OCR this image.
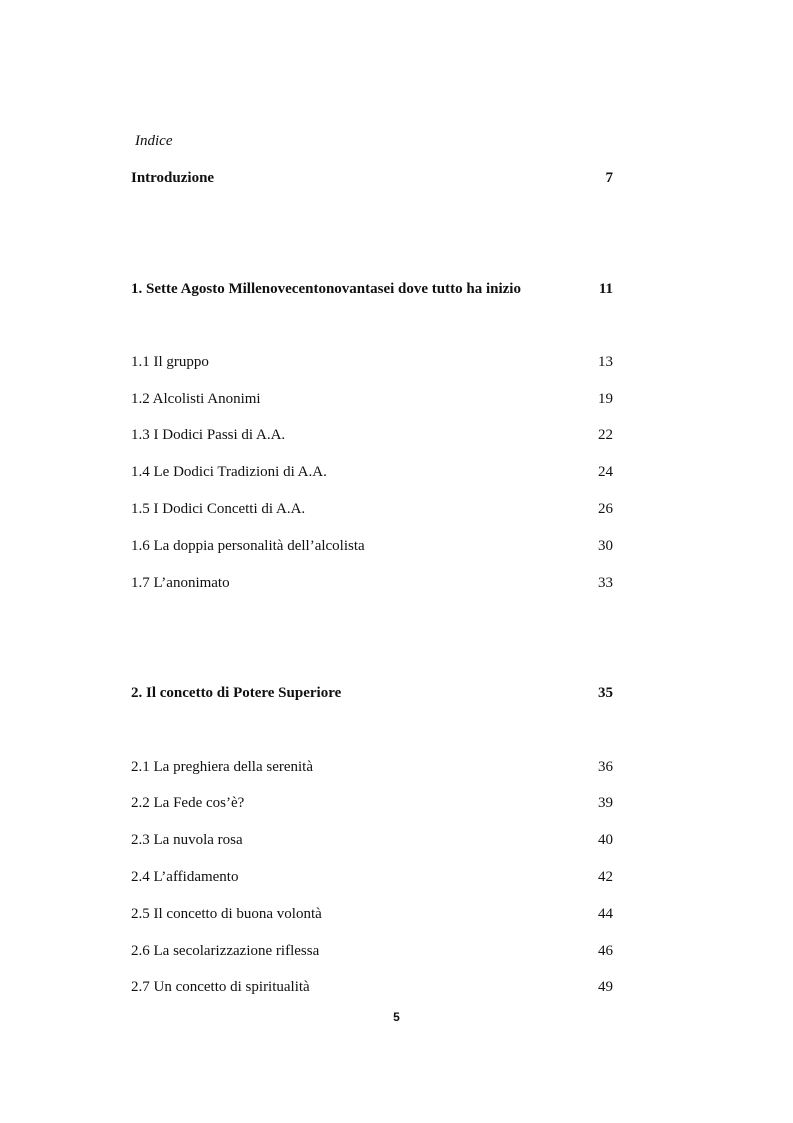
Indice
Introduzione	7
1. Sette Agosto Millenovecentonovantasei dove tutto ha inizio	11
1.1 Il gruppo	13
1.2 Alcolisti Anonimi	19
1.3 I Dodici Passi di A.A.	22
1.4 Le Dodici Tradizioni di A.A.	24
1.5 I Dodici Concetti di A.A.	26
1.6 La doppia personalità dell’alcolista	30
1.7 L’anonimato	33
2. Il concetto di Potere Superiore	35
2.1 La preghiera della serenità	36
2.2 La Fede cos’è?	39
2.3 La nuvola rosa	40
2.4 L’affidamento	42
2.5 Il concetto di buona volontà	44
2.6 La secolarizzazione riflessa	46
2.7 Un concetto di spiritualità	49
5
